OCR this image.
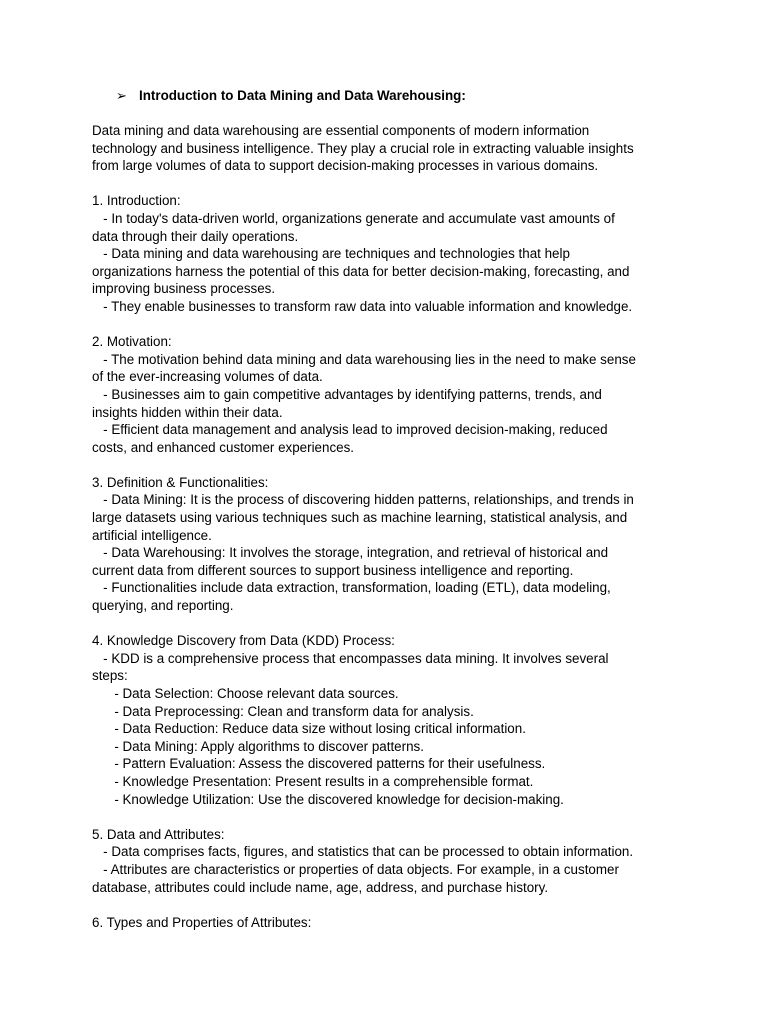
➢ Introduction to Data Mining and Data Warehousing:
Data mining and data warehousing are essential components of modern information
technology and business intelligence. They play a crucial role in extracting valuable insights
from large volumes of data to support decision-making processes in various domains.
1. Introduction:
- In today's data-driven world, organizations generate and accumulate vast amounts of
data through their daily operations.
- Data mining and data warehousing are techniques and technologies that help
organizations harness the potential of this data for better decision-making, forecasting, and
improving business processes.
- They enable businesses to transform raw data into valuable information and knowledge.
2. Motivation:
- The motivation behind data mining and data warehousing lies in the need to make sense
of the ever-increasing volumes of data.
- Businesses aim to gain competitive advantages by identifying patterns, trends, and
insights hidden within their data.
- Efficient data management and analysis lead to improved decision-making, reduced
costs, and enhanced customer experiences.
3. Definition & Functionalities:
- Data Mining: It is the process of discovering hidden patterns, relationships, and trends in
large datasets using various techniques such as machine learning, statistical analysis, and
artificial intelligence.
- Data Warehousing: It involves the storage, integration, and retrieval of historical and
current data from different sources to support business intelligence and reporting.
- Functionalities include data extraction, transformation, loading (ETL), data modeling,
querying, and reporting.
4. Knowledge Discovery from Data (KDD) Process:
- KDD is a comprehensive process that encompasses data mining. It involves several
steps:
- Data Selection: Choose relevant data sources.
- Data Preprocessing: Clean and transform data for analysis.
- Data Reduction: Reduce data size without losing critical information.
- Data Mining: Apply algorithms to discover patterns.
- Pattern Evaluation: Assess the discovered patterns for their usefulness.
- Knowledge Presentation: Present results in a comprehensible format.
- Knowledge Utilization: Use the discovered knowledge for decision-making.
5. Data and Attributes:
- Data comprises facts, figures, and statistics that can be processed to obtain information.
- Attributes are characteristics or properties of data objects. For example, in a customer
database, attributes could include name, age, address, and purchase history.
6. Types and Properties of Attributes:
